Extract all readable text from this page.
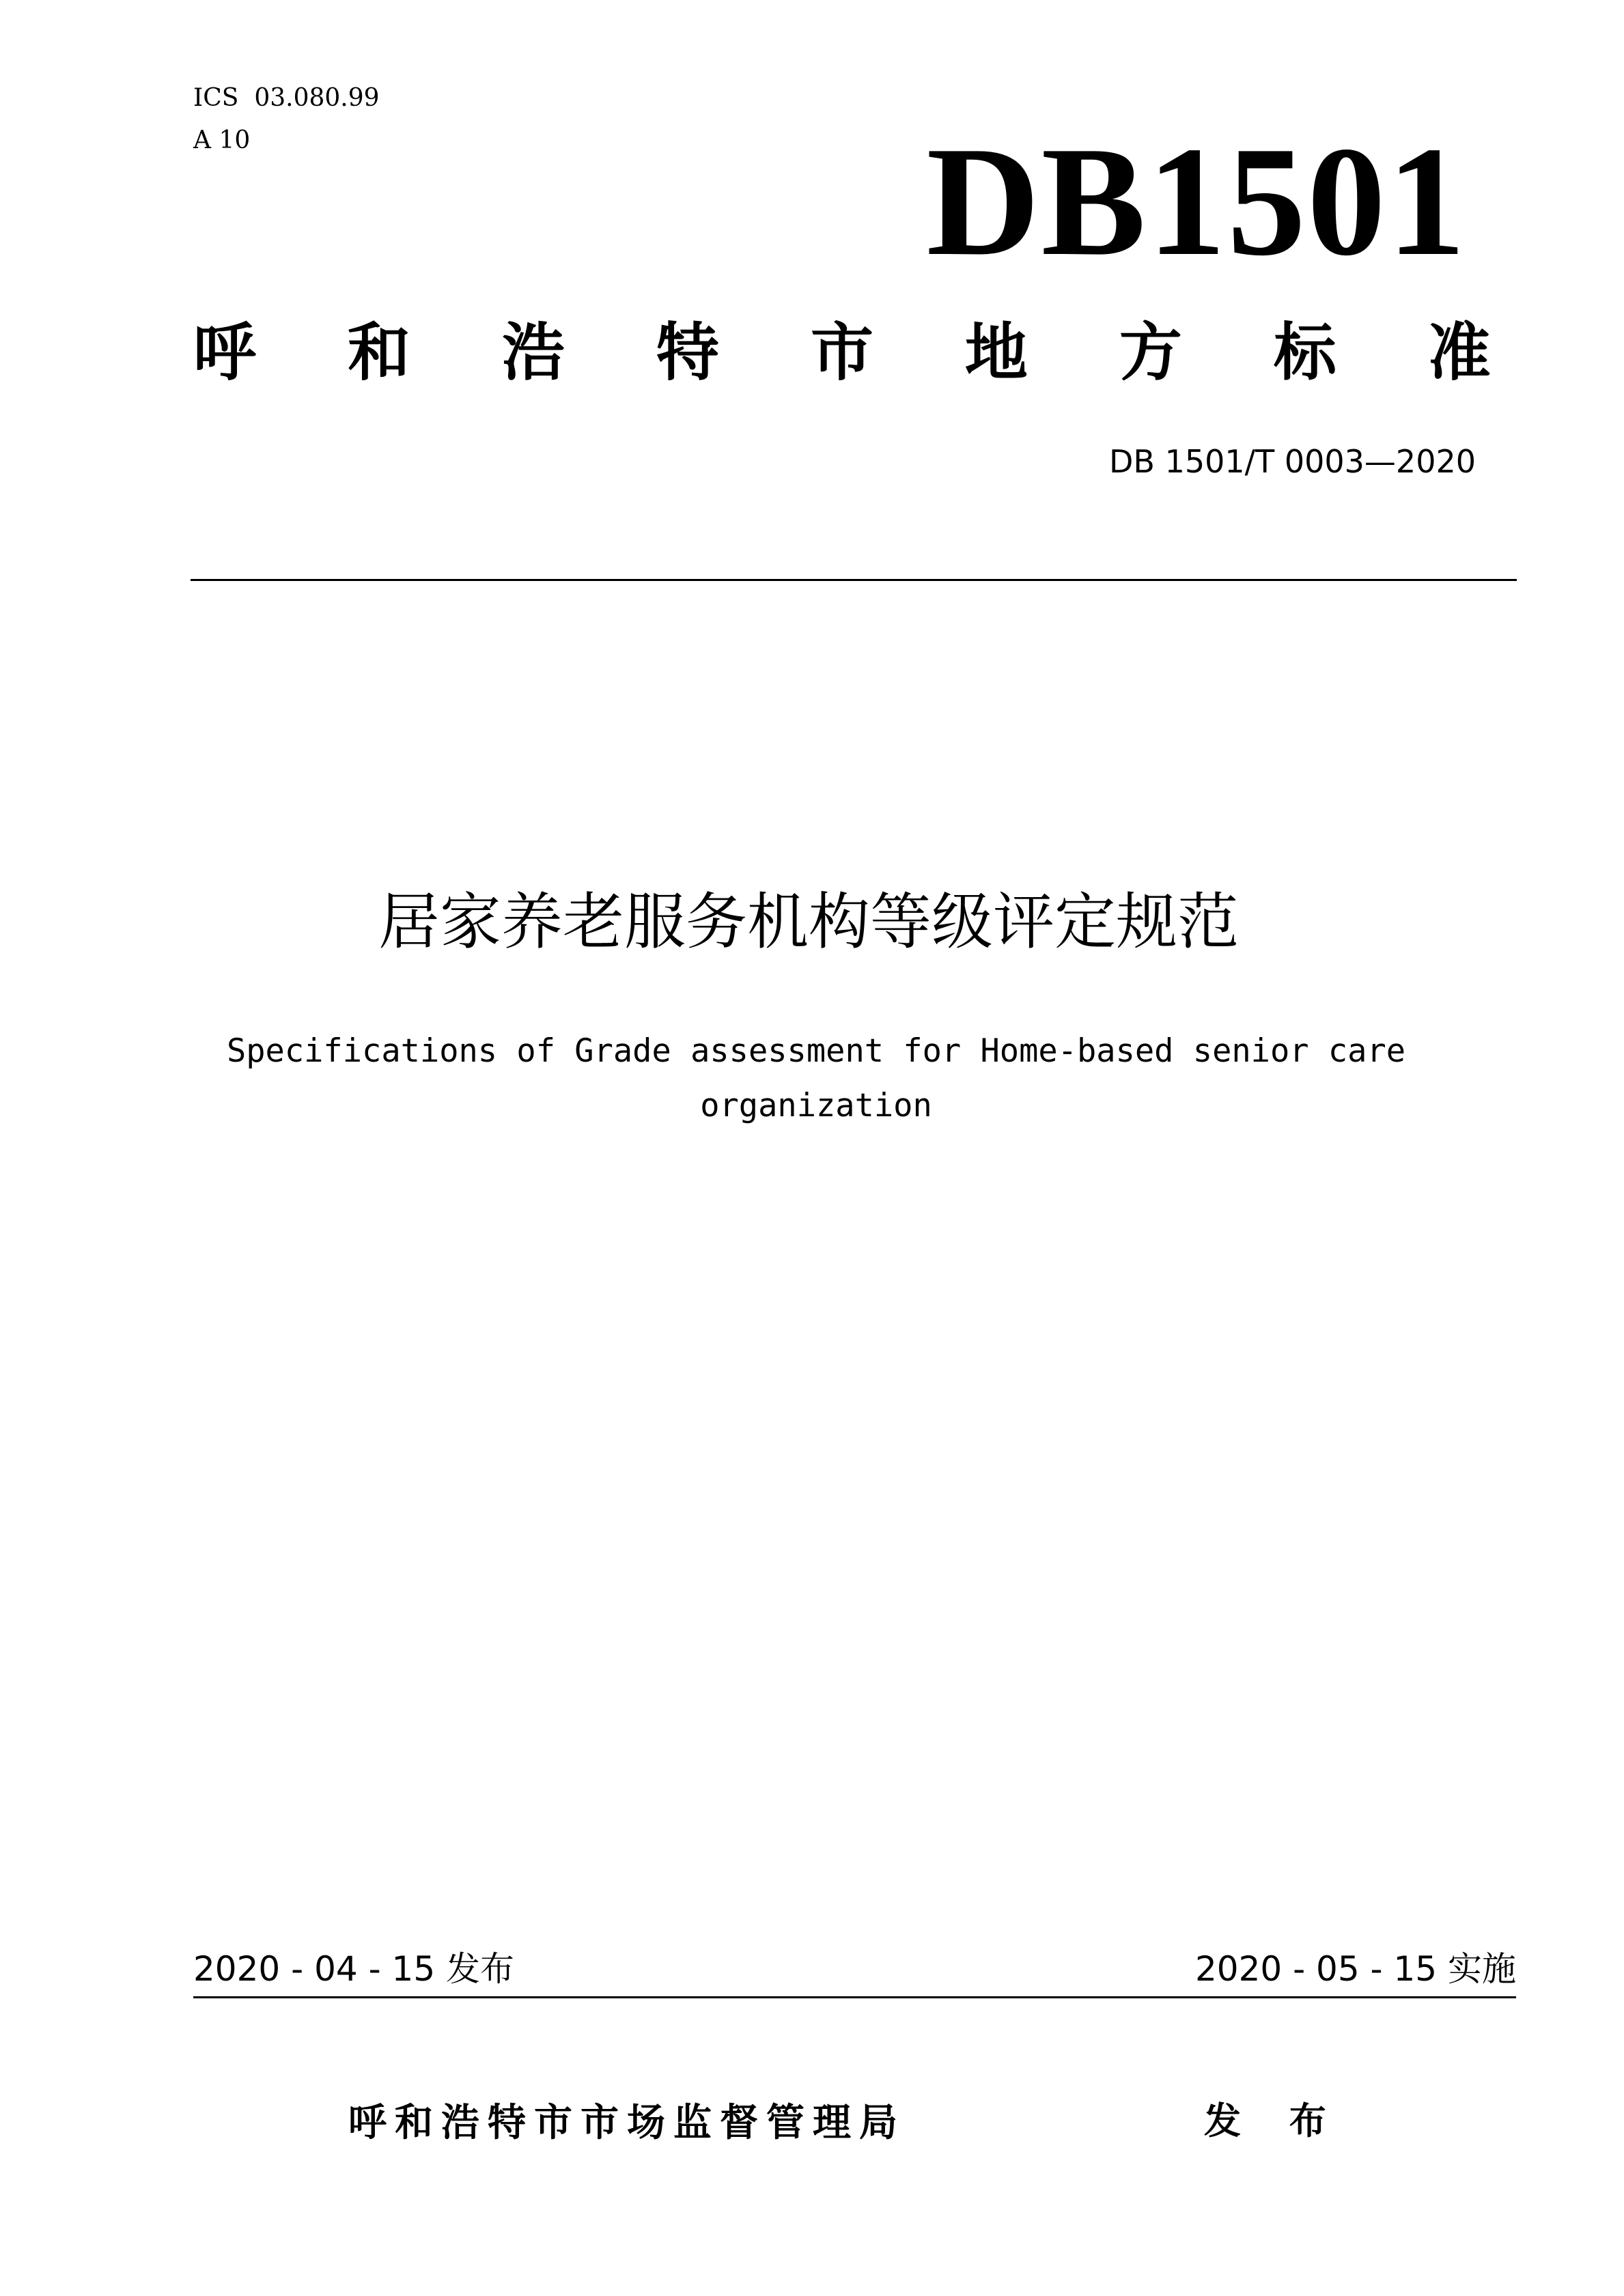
ICS  03.080.99
A 10	DB1501
呼 和 浩 特 市 地 方 标 准
DB 1501/T 0003—2020
居家养老服务机构等级评定规范
Specifications of Grade assessment for Home-based senior care
organization
2020 - 04 - 15 发布	2020 - 05 - 15 实施
呼和浩特市市场监督管理局	发 布
